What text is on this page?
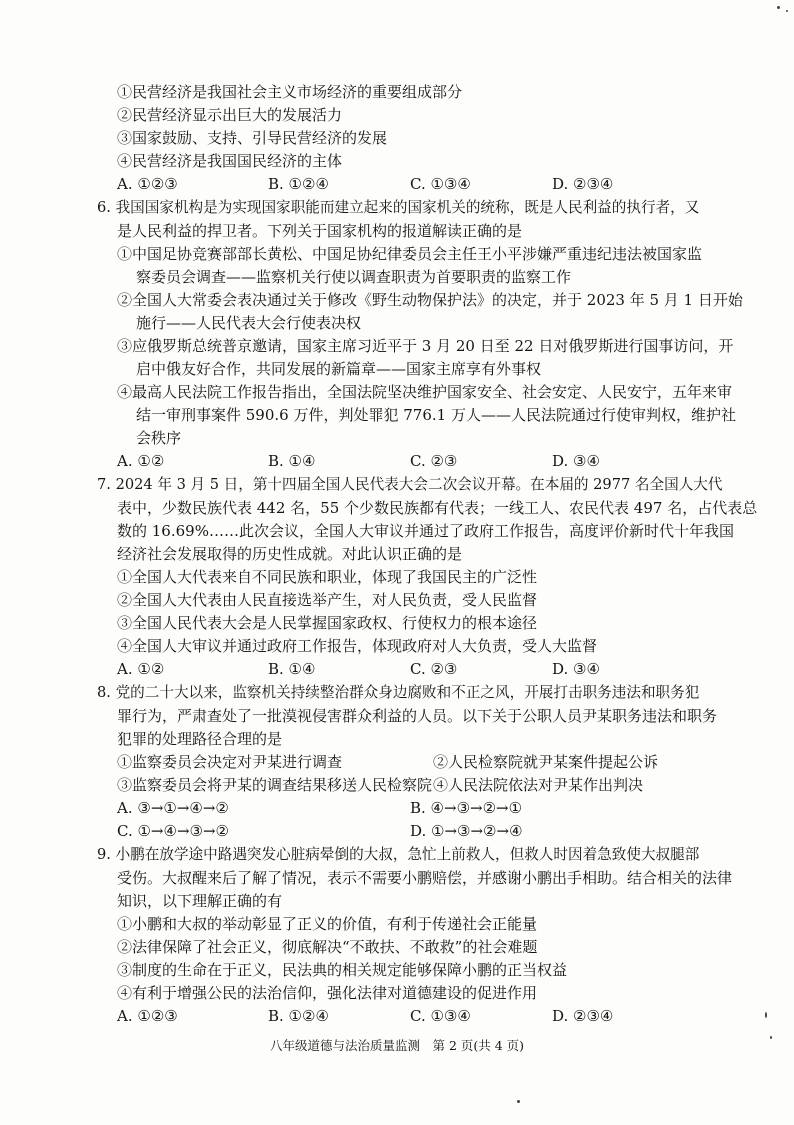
①民营经济是我国社会主义市场经济的重要组成部分
②民营经济显示出巨大的发展活力
③国家鼓励、支持、引导民营经济的发展
④民营经济是我国国民经济的主体
A. ①②③	B. ①②④	C. ①③④	D. ②③④
6. 我国国家机构是为实现国家职能而建立起来的国家机关的统称，既是人民利益的执行者，又
是人民利益的捍卫者。下列关于国家机构的报道解读正确的是
①中国足协竞赛部部长黄松、中国足协纪律委员会主任王小平涉嫌严重违纪违法被国家监
察委员会调查——监察机关行使以调查职责为首要职责的监察工作
②全国人大常委会表决通过关于修改《野生动物保护法》的决定，并于 2023 年 5 月 1 日开始
施行——人民代表大会行使表决权
③应俄罗斯总统普京邀请，国家主席习近平于 3 月 20 日至 22 日对俄罗斯进行国事访问，开
启中俄友好合作，共同发展的新篇章——国家主席享有外事权
④最高人民法院工作报告指出，全国法院坚决维护国家安全、社会安定、人民安宁，五年来审
结一审刑事案件 590.6 万件，判处罪犯 776.1 万人——人民法院通过行使审判权，维护社
会秩序
A. ①②	B. ①④	C. ②③	D. ③④
7. 2024 年 3 月 5 日，第十四届全国人民代表大会二次会议开幕。在本届的 2977 名全国人大代
表中，少数民族代表 442 名，55 个少数民族都有代表；一线工人、农民代表 497 名，占代表总
数的 16.69%……此次会议，全国人大审议并通过了政府工作报告，高度评价新时代十年我国
经济社会发展取得的历史性成就。对此认识正确的是
①全国人大代表来自不同民族和职业，体现了我国民主的广泛性
②全国人大代表由人民直接选举产生，对人民负责，受人民监督
③全国人民代表大会是人民掌握国家政权、行使权力的根本途径
④全国人大审议并通过政府工作报告，体现政府对人大负责，受人大监督
A. ①②	B. ①④	C. ②③	D. ③④
8. 党的二十大以来，监察机关持续整治群众身边腐败和不正之风，开展打击职务违法和职务犯
罪行为，严肃查处了一批漠视侵害群众利益的人员。以下关于公职人员尹某职务违法和职务
犯罪的处理路径合理的是
①监察委员会决定对尹某进行调查	②人民检察院就尹某案件提起公诉
③监察委员会将尹某的调查结果移送人民检察院 ④人民法院依法对尹某作出判决
A. ③→①→④→②	B. ④→③→②→①
C. ①→④→③→②	D. ①→③→②→④
9. 小鹏在放学途中路遇突发心脏病晕倒的大叔，急忙上前救人，但救人时因着急致使大叔腿部
受伤。大叔醒来后了解了情况，表示不需要小鹏赔偿，并感谢小鹏出手相助。结合相关的法律
知识，以下理解正确的有
①小鹏和大叔的举动彰显了正义的价值，有利于传递社会正能量
②法律保障了社会正义，彻底解决“不敢扶、不敢救”的社会难题
③制度的生命在于正义，民法典的相关规定能够保障小鹏的正当权益
④有利于增强公民的法治信仰，强化法律对道德建设的促进作用
A. ①②③	B. ①②④	C. ①③④	D. ②③④
八年级道德与法治质量监测　第 2 页(共 4 页)
